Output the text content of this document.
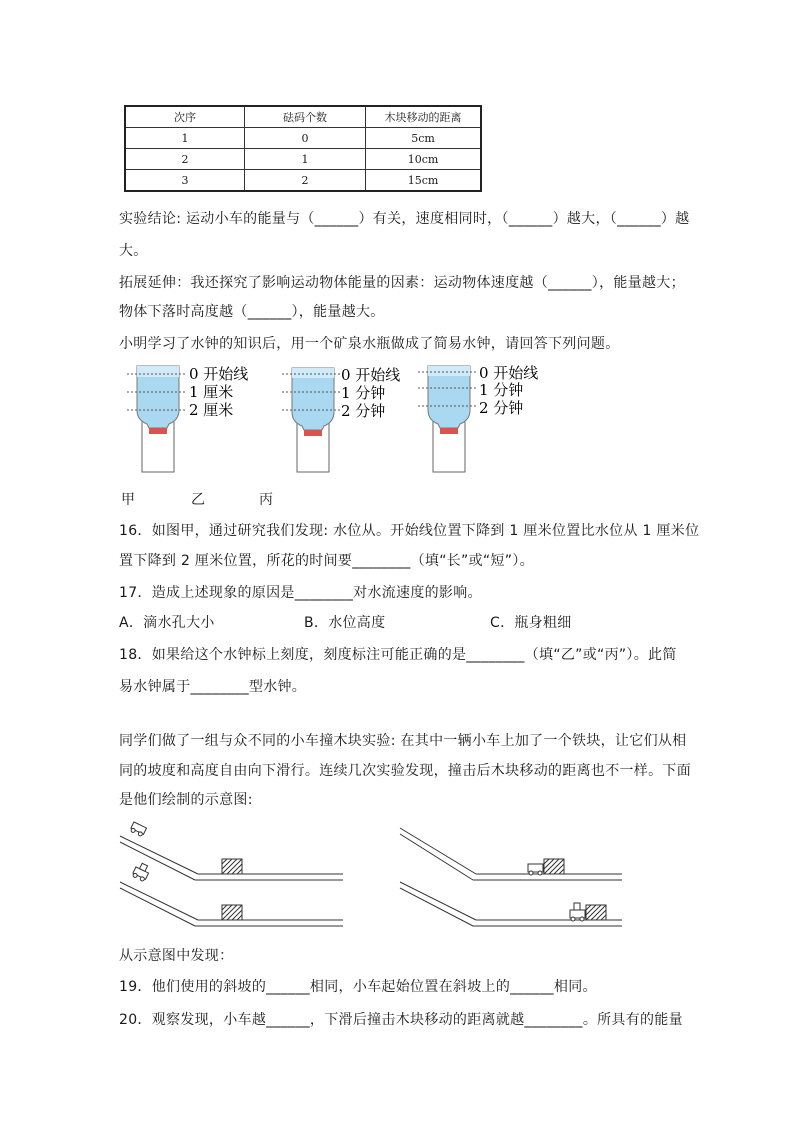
次序	砝码个数	木块移动的距离
1	0	5cm
2	1	10cm
3	2	15cm
实验结论: 运动小车的能量与（______）有关，速度相同时，（______）越大，（______）越
大。
拓展延伸：我还探究了影响运动物体能量的因素：运动物体速度越（______），能量越大；
物体下落时高度越（______），能量越大。
小明学习了水钟的知识后，用一个矿泉水瓶做成了简易水钟，请回答下列问题。
0 开始线
1 厘米
2 厘米
0 开始线
1 分钟
2 分钟
0 开始线
1 分钟
2 分钟
甲	乙	丙
16．如图甲，通过研究我们发现: 水位从。开始线位置下降到 1 厘米位置比水位从 1 厘米位
置下降到 2 厘米位置，所花的时间要________（填“长”或“短”）。
17．造成上述现象的原因是________对水流速度的影响。
A．滴水孔大小	B．水位高度	C．瓶身粗细
18．如果给这个水钟标上刻度，刻度标注可能正确的是________（填“乙”或“丙”）。此简
易水钟属于________型水钟。
同学们做了一组与众不同的小车撞木块实验: 在其中一辆小车上加了一个铁块，让它们从相
同的坡度和高度自由向下滑行。连续几次实验发现，撞击后木块移动的距离也不一样。下面
是他们绘制的示意图:
从示意图中发现：
19．他们使用的斜坡的______相同，小车起始位置在斜坡上的______相同。
20．观察发现，小车越______，下滑后撞击木块移动的距离就越________。所具有的能量
